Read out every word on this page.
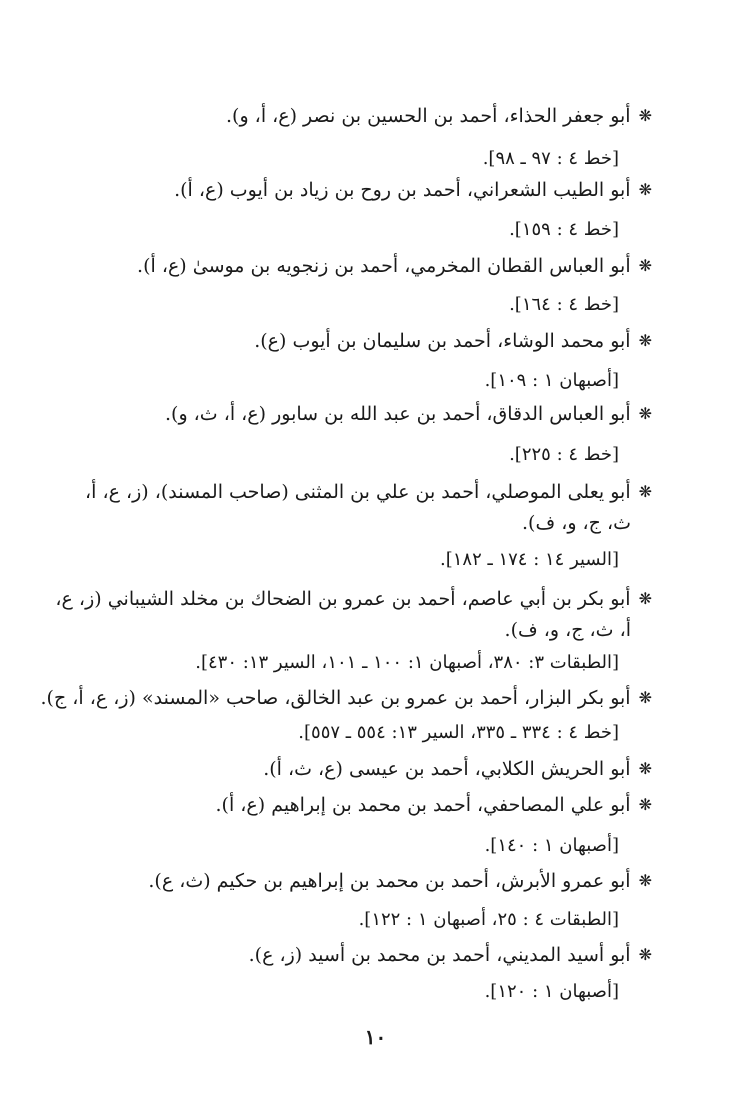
❋أبو جعفر الحذاء، أحمد بن الحسين بن نصر (ع، أ، و).
[خط ٤ : ٩٧ ـ ٩٨].
❋أبو الطيب الشعراني، أحمد بن روح بن زياد بن أيوب (ع، أ).
[خط ٤ : ١٥٩].
❋أبو العباس القطان المخرمي، أحمد بن زنجويه بن موسىٰ (ع، أ).
[خط ٤ : ١٦٤].
❋أبو محمد الوشاء، أحمد بن سليمان بن أيوب (ع).
[أصبهان ١ : ١٠٩].
❋أبو العباس الدقاق، أحمد بن عبد الله بن سابور (ع، أ، ث، و).
[خط ٤ : ٢٢٥].
❋أبو يعلى الموصلي، أحمد بن علي بن المثنى (صاحب المسند)، (ز، ع، أ،
ث، ج، و، ف).
[السير ١٤ : ١٧٤ ـ ١٨٢].
❋أبو بكر بن أبي عاصم، أحمد بن عمرو بن الضحاك بن مخلد الشيباني (ز، ع،
أ، ث، ج، و، ف).
[الطبقات ٣: ٣٨٠، أصبهان ١: ١٠٠ ـ ١٠١، السير ١٣: ٤٣٠].
❋أبو بكر البزار، أحمد بن عمرو بن عبد الخالق، صاحب «المسند» (ز، ع، أ، ج).
[خط ٤ : ٣٣٤ ـ ٣٣٥، السير ١٣: ٥٥٤ ـ ٥٥٧].
❋أبو الحريش الكلابي، أحمد بن عيسى (ع، ث، أ).
❋أبو علي المصاحفي، أحمد بن محمد بن إبراهيم (ع، أ).
[أصبهان ١ : ١٤٠].
❋أبو عمرو الأبرش، أحمد بن محمد بن إبراهيم بن حكيم (ث، ع).
[الطبقات ٤ : ٢٥، أصبهان ١ : ١٢٢].
❋أبو أسيد المديني، أحمد بن محمد بن أسيد (ز، ع).
[أصبهان ١ : ١٢٠].
١٠
